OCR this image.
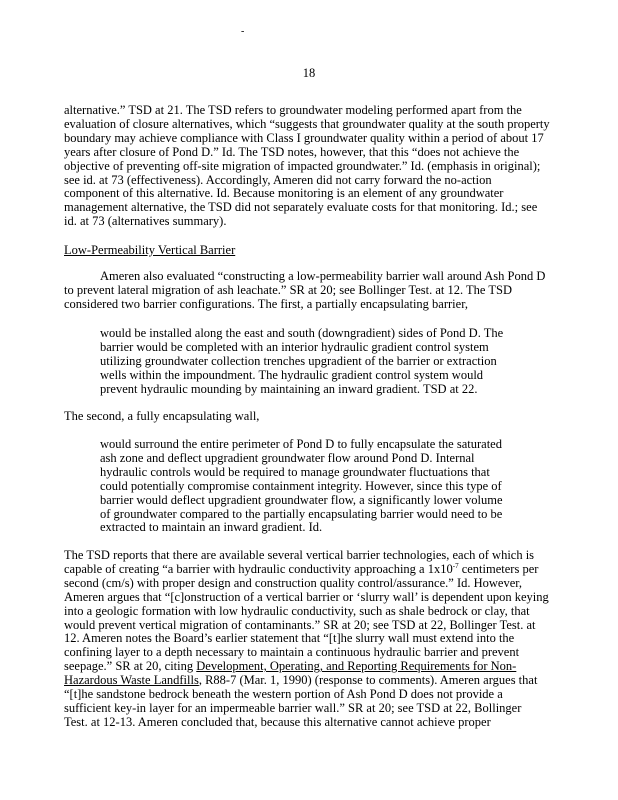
-
18
alternative.” TSD at 21. The TSD refers to groundwater modeling performed apart from the
evaluation of closure alternatives, which “suggests that groundwater quality at the south property
boundary may achieve compliance with Class I groundwater quality within a period of about 17
years after closure of Pond D.” Id. The TSD notes, however, that this “does not achieve the
objective of preventing off-site migration of impacted groundwater.” Id. (emphasis in original);
see id. at 73 (effectiveness). Accordingly, Ameren did not carry forward the no-action
component of this alternative. Id. Because monitoring is an element of any groundwater
management alternative, the TSD did not separately evaluate costs for that monitoring. Id.; see
id. at 73 (alternatives summary).
Low-Permeability Vertical Barrier
Ameren also evaluated “constructing a low-permeability barrier wall around Ash Pond D
to prevent lateral migration of ash leachate.” SR at 20; see Bollinger Test. at 12. The TSD
considered two barrier configurations. The first, a partially encapsulating barrier,
would be installed along the east and south (downgradient) sides of Pond D. The
barrier would be completed with an interior hydraulic gradient control system
utilizing groundwater collection trenches upgradient of the barrier or extraction
wells within the impoundment. The hydraulic gradient control system would
prevent hydraulic mounding by maintaining an inward gradient. TSD at 22.
The second, a fully encapsulating wall,
would surround the entire perimeter of Pond D to fully encapsulate the saturated
ash zone and deflect upgradient groundwater flow around Pond D. Internal
hydraulic controls would be required to manage groundwater fluctuations that
could potentially compromise containment integrity. However, since this type of
barrier would deflect upgradient groundwater flow, a significantly lower volume
of groundwater compared to the partially encapsulating barrier would need to be
extracted to maintain an inward gradient. Id.
The TSD reports that there are available several vertical barrier technologies, each of which is
capable of creating “a barrier with hydraulic conductivity approaching a $1x10^{-7}$ centimeters per
second (cm/s) with proper design and construction quality control/assurance.” Id. However,
Ameren argues that “[c]onstruction of a vertical barrier or ‘slurry wall’ is dependent upon keying
into a geologic formation with low hydraulic conductivity, such as shale bedrock or clay, that
would prevent vertical migration of contaminants.” SR at 20; see TSD at 22, Bollinger Test. at
12. Ameren notes the Board’s earlier statement that “[t]he slurry wall must extend into the
confining layer to a depth necessary to maintain a continuous hydraulic barrier and prevent
seepage.” SR at 20, citing Development, Operating, and Reporting Requirements for Non-
Hazardous Waste Landfills, R88-7 (Mar. 1, 1990) (response to comments). Ameren argues that
“[t]he sandstone bedrock beneath the western portion of Ash Pond D does not provide a
sufficient key-in layer for an impermeable barrier wall.” SR at 20; see TSD at 22, Bollinger
Test. at 12-13. Ameren concluded that, because this alternative cannot achieve proper
